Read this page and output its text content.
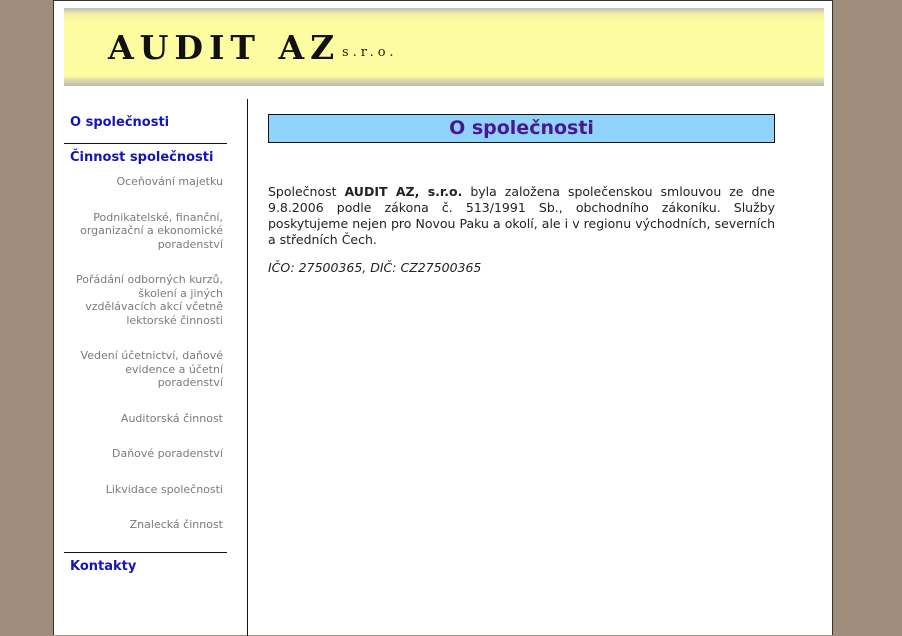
AUDIT AZ s.r.o.
O společnosti
Činnost společnosti
Oceňování majetku
Podnikatelské, finanční, organizační a ekonomické poradenství
Pořádání odborných kurzů, školení a jiných vzdělávacích akcí včetně lektorské činnosti
Vedení účetnictví, daňové evidence a účetní poradenství
Auditorská činnost
Daňové poradenství
Likvidace společnosti
Znalecká činnost
Kontakty
O společnosti

Společnost AUDIT AZ, s.r.o. byla založena společenskou smlouvou ze dne 9.8.2006 podle zákona č. 513/1991 Sb., obchodního zákoníku. Služby poskytujeme nejen pro Novou Paku a okolí, ale i v regionu východních, severních a středních Čech.

IČO: 27500365, DIČ: CZ27500365
